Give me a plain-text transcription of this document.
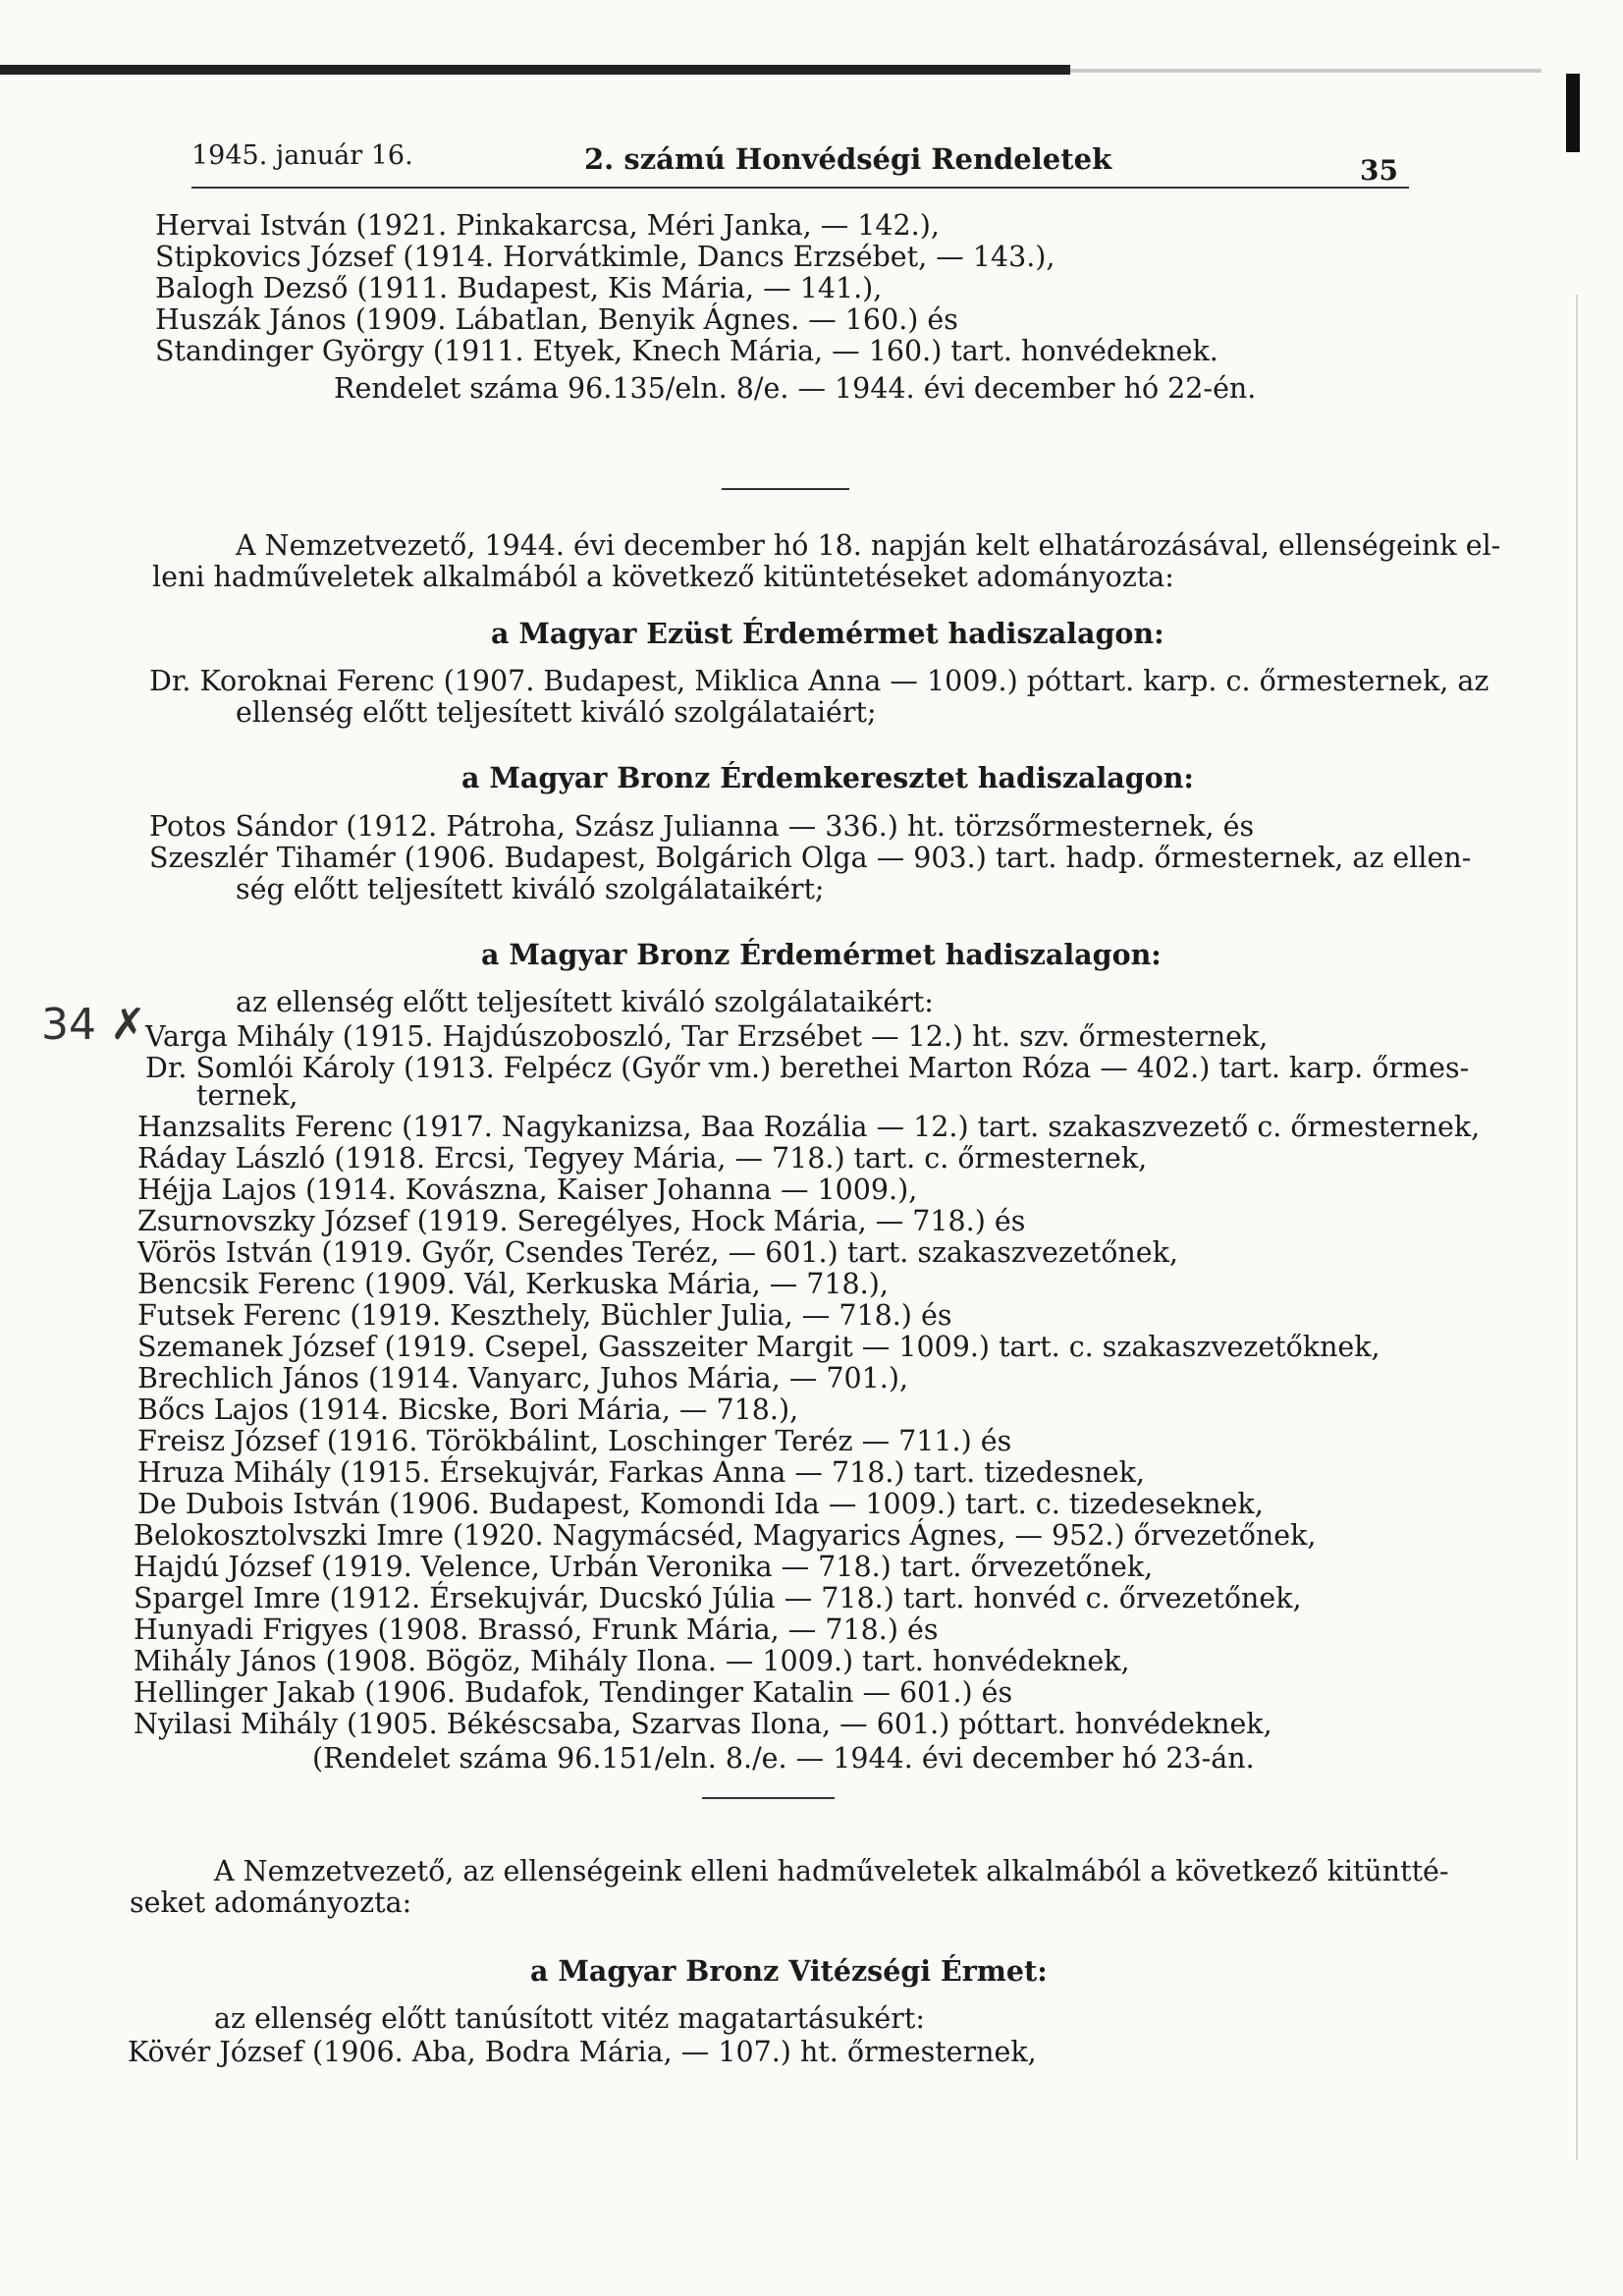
1945. január 16.	2. számú Honvédségi Rendeletek	35
Hervai István (1921. Pinkakarcsa, Méri Janka, — 142.),
Stipkovics József (1914. Horvátkimle, Dancs Erzsébet, — 143.),
Balogh Dezső (1911. Budapest, Kis Mária, — 141.),
Huszák János (1909. Lábatlan, Benyik Ágnes. — 160.) és
Standinger György (1911. Etyek, Knech Mária, — 160.) tart. honvédeknek.
Rendelet száma 96.135/eln. 8/e. — 1944. évi december hó 22-én.
A Nemzetvezető, 1944. évi december hó 18. napján kelt elhatározásával, ellenségeink el-
leni hadműveletek alkalmából a következő kitüntetéseket adományozta:
a Magyar Ezüst Érdemérmet hadiszalagon:
Dr. Koroknai Ferenc (1907. Budapest, Miklica Anna — 1009.) póttart. karp. c. őrmesternek, az
ellenség előtt teljesített kiváló szolgálataiért;
a Magyar Bronz Érdemkeresztet hadiszalagon:
Potos Sándor (1912. Pátroha, Szász Julianna — 336.) ht. törzsőrmesternek, és
Szeszlér Tihamér (1906. Budapest, Bolgárich Olga — 903.) tart. hadp. őrmesternek, az ellen-
ség előtt teljesített kiváló szolgálataikért;
a Magyar Bronz Érdemérmet hadiszalagon:
az ellenség előtt teljesített kiváló szolgálataikért:
34 ✗ Varga Mihály (1915. Hajdúszoboszló, Tar Erzsébet — 12.) ht. szv. őrmesternek,
Dr. Somlói Károly (1913. Felpécz (Győr vm.) berethei Marton Róza — 402.) tart. karp. őrmes-
ternek,
Hanzsalits Ferenc (1917. Nagykanizsa, Baa Rozália — 12.) tart. szakaszvezető c. őrmesternek,
Ráday László (1918. Ercsi, Tegyey Mária, — 718.) tart. c. őrmesternek,
Héjja Lajos (1914. Kovászna, Kaiser Johanna — 1009.),
Zsurnovszky József (1919. Seregélyes, Hock Mária, — 718.) és
Vörös István (1919. Győr, Csendes Teréz, — 601.) tart. szakaszvezetőnek,
Bencsik Ferenc (1909. Vál, Kerkuska Mária, — 718.),
Futsek Ferenc (1919. Keszthely, Büchler Julia, — 718.) és
Szemanek József (1919. Csepel, Gasszeiter Margit — 1009.) tart. c. szakaszvezetőknek,
Brechlich János (1914. Vanyarc, Juhos Mária, — 701.),
Bőcs Lajos (1914. Bicske, Bori Mária, — 718.),
Freisz József (1916. Törökbálint, Loschinger Teréz — 711.) és
Hruza Mihály (1915. Érsekujvár, Farkas Anna — 718.) tart. tizedesnek,
De Dubois István (1906. Budapest, Komondi Ida — 1009.) tart. c. tizedeseknek,
Belokosztolvszki Imre (1920. Nagymácséd, Magyarics Ágnes, — 952.) őrvezetőnek,
Hajdú József (1919. Velence, Urbán Veronika — 718.) tart. őrvezetőnek,
Spargel Imre (1912. Érsekujvár, Ducskó Júlia — 718.) tart. honvéd c. őrvezetőnek,
Hunyadi Frigyes (1908. Brassó, Frunk Mária, — 718.) és
Mihály János (1908. Bögöz, Mihály Ilona. — 1009.) tart. honvédeknek,
Hellinger Jakab (1906. Budafok, Tendinger Katalin — 601.) és
Nyilasi Mihály (1905. Békéscsaba, Szarvas Ilona, — 601.) póttart. honvédeknek,
(Rendelet száma 96.151/eln. 8./e. — 1944. évi december hó 23-án.
A Nemzetvezető, az ellenségeink elleni hadműveletek alkalmából a következő kitüntté-
seket adományozta:
a Magyar Bronz Vitézségi Érmet:
az ellenség előtt tanúsított vitéz magatartásukért:
Kövér József (1906. Aba, Bodra Mária, — 107.) ht. őrmesternek,
